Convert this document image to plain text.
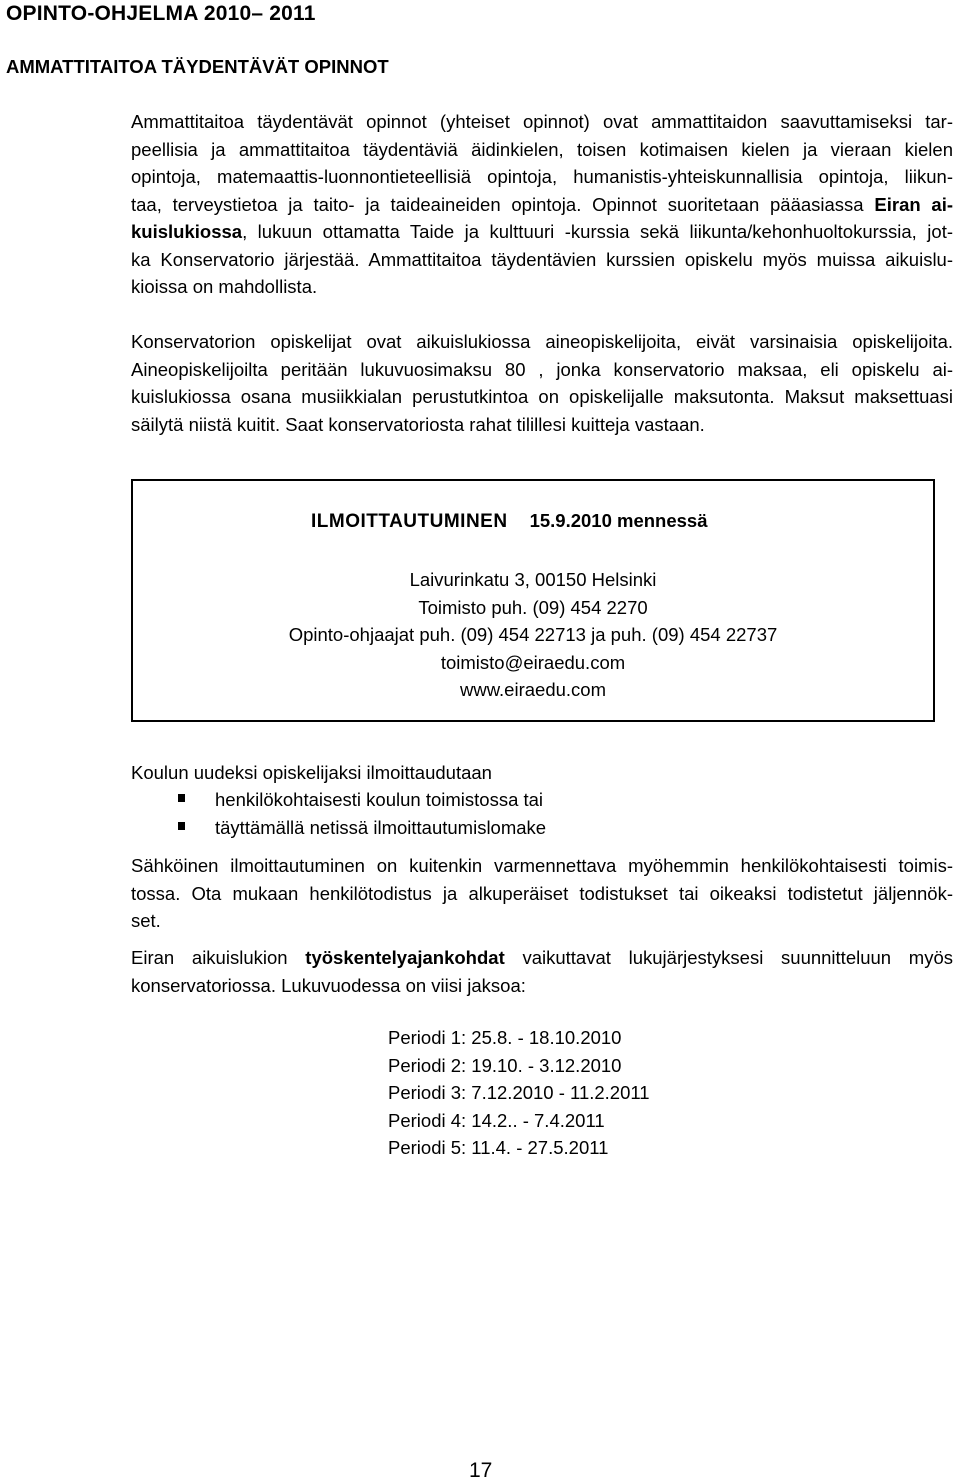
OPINTO-OHJELMA 2010– 2011
AMMATTITAITOA TÄYDENTÄVÄT OPINNOT
Ammattitaitoa täydentävät opinnot (yhteiset opinnot) ovat ammattitaidon saavuttamiseksi tar-
peellisia ja ammattitaitoa täydentäviä äidinkielen, toisen kotimaisen kielen ja vieraan kielen
opintoja, matemaattis-luonnontieteellisiä opintoja, humanistis-yhteiskunnallisia opintoja, liikun-
taa, terveystietoa ja taito- ja taideaineiden opintoja. Opinnot suoritetaan pääasiassa Eiran ai-
kuislukiossa, lukuun ottamatta Taide ja kulttuuri -kurssia sekä liikunta/kehonhuoltokurssia, jot-
ka Konservatorio järjestää. Ammattitaitoa täydentävien kurssien opiskelu myös muissa aikuislu-
kioissa on mahdollista.
Konservatorion opiskelijat ovat aikuislukiossa aineopiskelijoita, eivät varsinaisia opiskelijoita.
Aineopiskelijoilta peritään lukuvuosimaksu 80 , jonka konservatorio maksaa, eli opiskelu ai-
kuislukiossa osana musiikkialan perustutkintoa on opiskelijalle maksutonta. Maksut maksettuasi
säilytä niistä kuitit. Saat konservatoriosta rahat tilillesi kuitteja vastaan.
ILMOITTAUTUMINEN 15.9.2010 mennessä
Laivurinkatu 3, 00150 Helsinki
Toimisto puh. (09) 454 2270
Opinto-ohjaajat puh. (09) 454 22713 ja puh. (09) 454 22737
toimisto@eiraedu.com
www.eiraedu.com
Koulun uudeksi opiskelijaksi ilmoittaudutaan
henkilökohtaisesti koulun toimistossa tai
täyttämällä netissä ilmoittautumislomake
Sähköinen ilmoittautuminen on kuitenkin varmennettava myöhemmin henkilökohtaisesti toimis-
tossa. Ota mukaan henkilötodistus ja alkuperäiset todistukset tai oikeaksi todistetut jäljennök-
set.
Eiran aikuislukion työskentelyajankohdat vaikuttavat lukujärjestyksesi suunnitteluun myös
konservatoriossa. Lukuvuodessa on viisi jaksoa:
Periodi 1: 25.8. - 18.10.2010
Periodi 2: 19.10. - 3.12.2010
Periodi 3: 7.12.2010 - 11.2.2011
Periodi 4: 14.2.. - 7.4.2011
Periodi 5: 11.4. - 27.5.2011
17
